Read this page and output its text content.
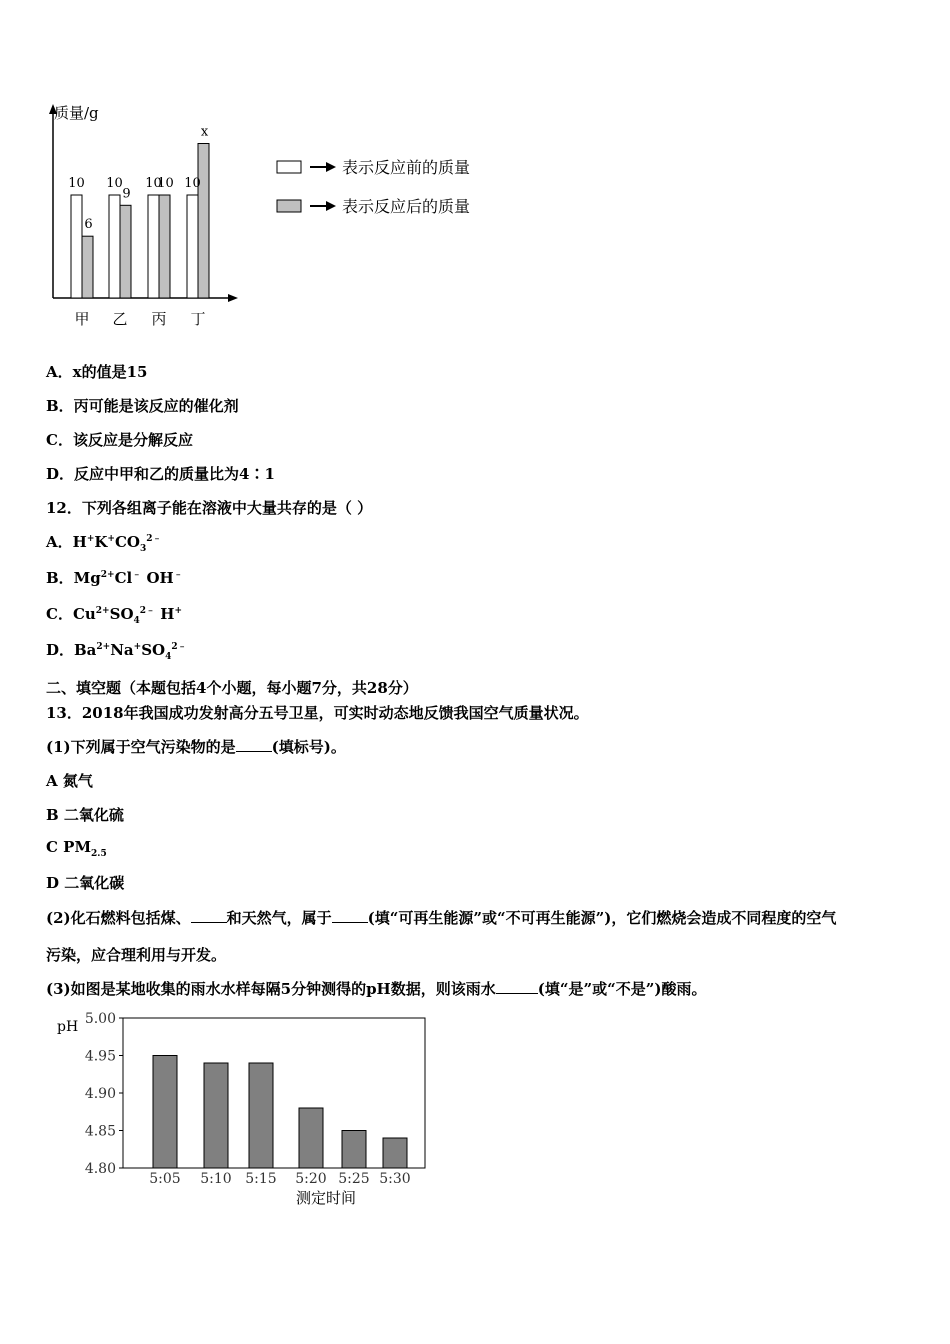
质量/g
10
6
甲
10
9
乙
10
10
丙
10
x
丁
表示反应前的质量
表示反应后的质量
A．x的值是15
B．丙可能是该反应的催化剂
C．该反应是分解反应
D．反应中甲和乙的质量比为4∶1
12．下列各组离子能在溶液中大量共存的是（ ）
A．$H^+K^+CO_3^{2﹣}$
B．$Mg^{2+}Cl^﹣$ OH﹣
C．$Cu^{2+}SO_4^{2﹣}$ H+
D．$Ba^{2+}Na^+SO_4^{2﹣}$
二、填空题（本题包括4个小题，每小题7分，共28分）
13．2018年我国成功发射高分五号卫星，可实时动态地反馈我国空气质量状况。
(1)下列属于空气污染物的是 (填标号)。
A 氮气
B 二氧化硫
C $PM_{2.5}$
D 二氧化碳
(2)化石燃料包括煤、 和天然气，属于 (填“可再生能源”或“不可再生能源”)，它们燃烧会造成不同程度的空气
污染，应合理利用与开发。
(3)如图是某地收集的雨水水样每隔5分钟测得的pH数据，则该雨水	(填“是”或“不是”)酸雨。
pH
4.80
4.85
4.90
4.95
5.00
5:05 5:10 5:15 5:20 5:25 5:30
测定时间
